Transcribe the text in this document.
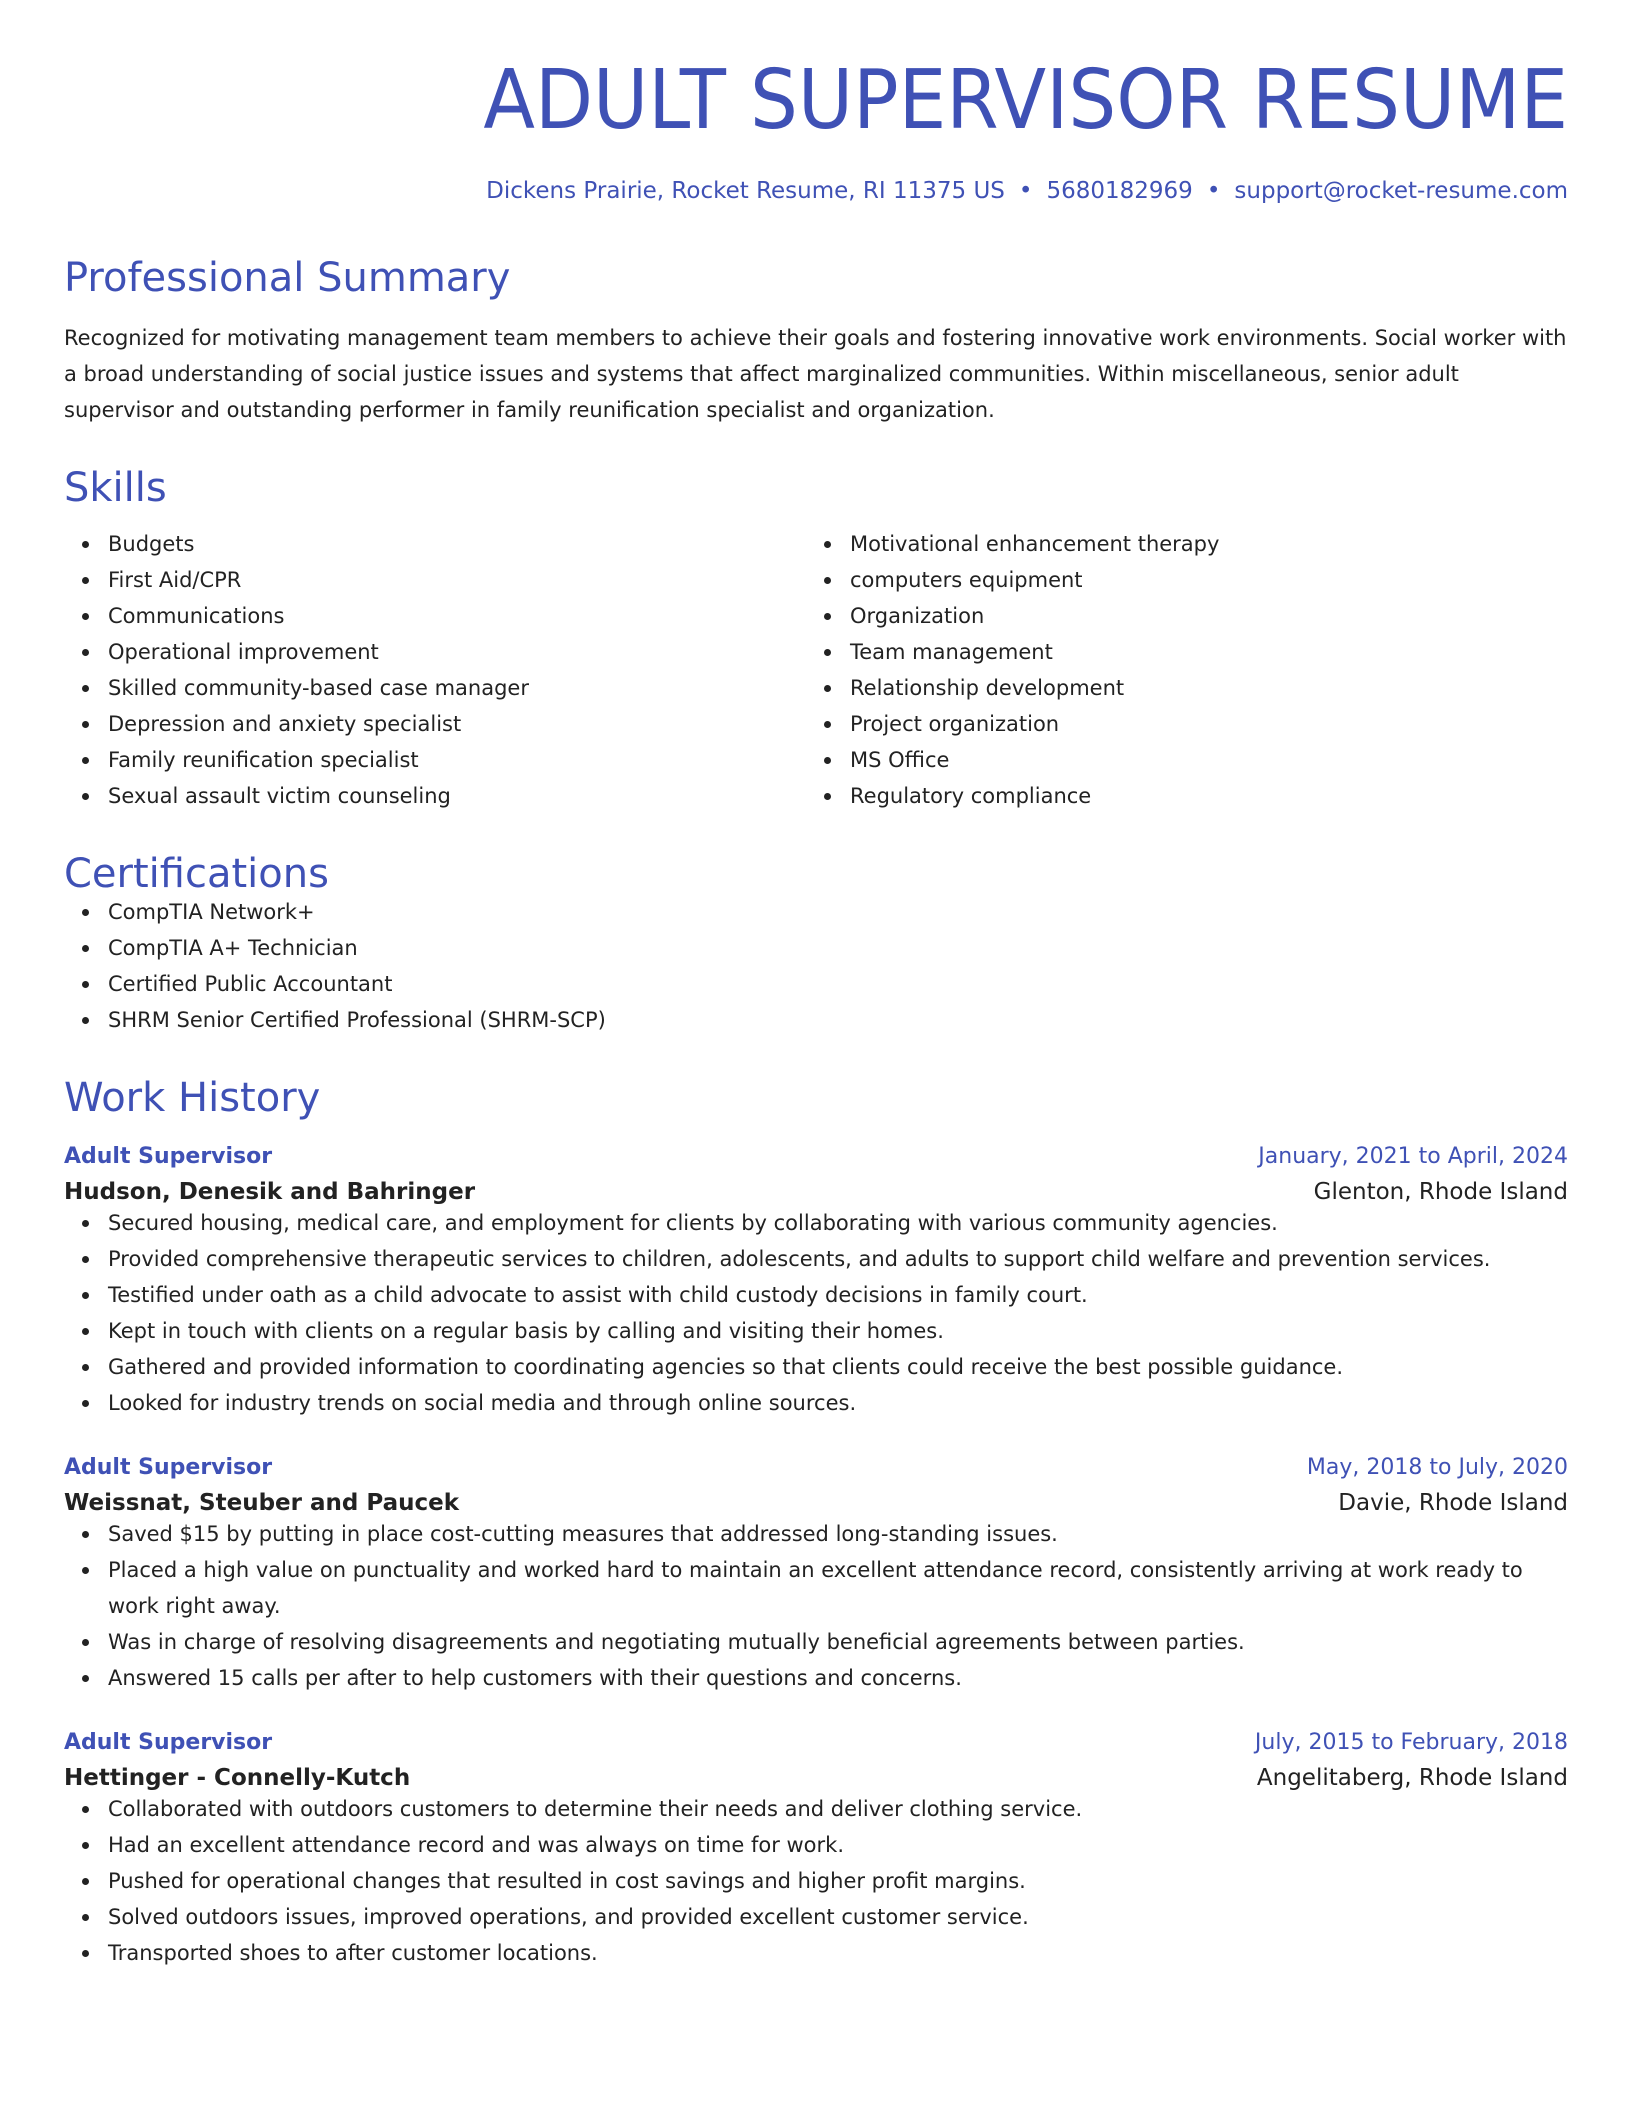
ADULT SUPERVISOR RESUME
Dickens Prairie, Rocket Resume, RI 11375 US • 5680182969 • support@rocket-resume.com
Professional Summary

Recognized for motivating management team members to achieve their goals and fostering innovative work environments. Social worker with a broad understanding of social justice issues and systems that affect marginalized communities. Within miscellaneous, senior adult supervisor and outstanding performer in family reunification specialist and organization.

Skills
Budgets
First Aid/CPR
Communications
Operational improvement
Skilled community-based case manager
Depression and anxiety specialist
Family reunification specialist
Sexual assault victim counseling
Motivational enhancement therapy
computers equipment
Organization
Team management
Relationship development
Project organization
MS Office
Regulatory compliance
Certifications
CompTIA Network+
CompTIA A+ Technician
Certified Public Accountant
SHRM Senior Certified Professional (SHRM-SCP)
Work History
Adult Supervisor	January, 2021 to April, 2024
Hudson, Denesik and Bahringer	Glenton, Rhode Island
Secured housing, medical care, and employment for clients by collaborating with various community agencies.
Provided comprehensive therapeutic services to children, adolescents, and adults to support child welfare and prevention services.
Testified under oath as a child advocate to assist with child custody decisions in family court.
Kept in touch with clients on a regular basis by calling and visiting their homes.
Gathered and provided information to coordinating agencies so that clients could receive the best possible guidance.
Looked for industry trends on social media and through online sources.
Adult Supervisor	May, 2018 to July, 2020
Weissnat, Steuber and Paucek	Davie, Rhode Island
Saved $15 by putting in place cost-cutting measures that addressed long-standing issues.
Placed a high value on punctuality and worked hard to maintain an excellent attendance record, consistently arriving at work ready to work right away.
Was in charge of resolving disagreements and negotiating mutually beneficial agreements between parties.
Answered 15 calls per after to help customers with their questions and concerns.
Adult Supervisor	July, 2015 to February, 2018
Hettinger - Connelly-Kutch	Angelitaberg, Rhode Island
Collaborated with outdoors customers to determine their needs and deliver clothing service.
Had an excellent attendance record and was always on time for work.
Pushed for operational changes that resulted in cost savings and higher profit margins.
Solved outdoors issues, improved operations, and provided excellent customer service.
Transported shoes to after customer locations.
